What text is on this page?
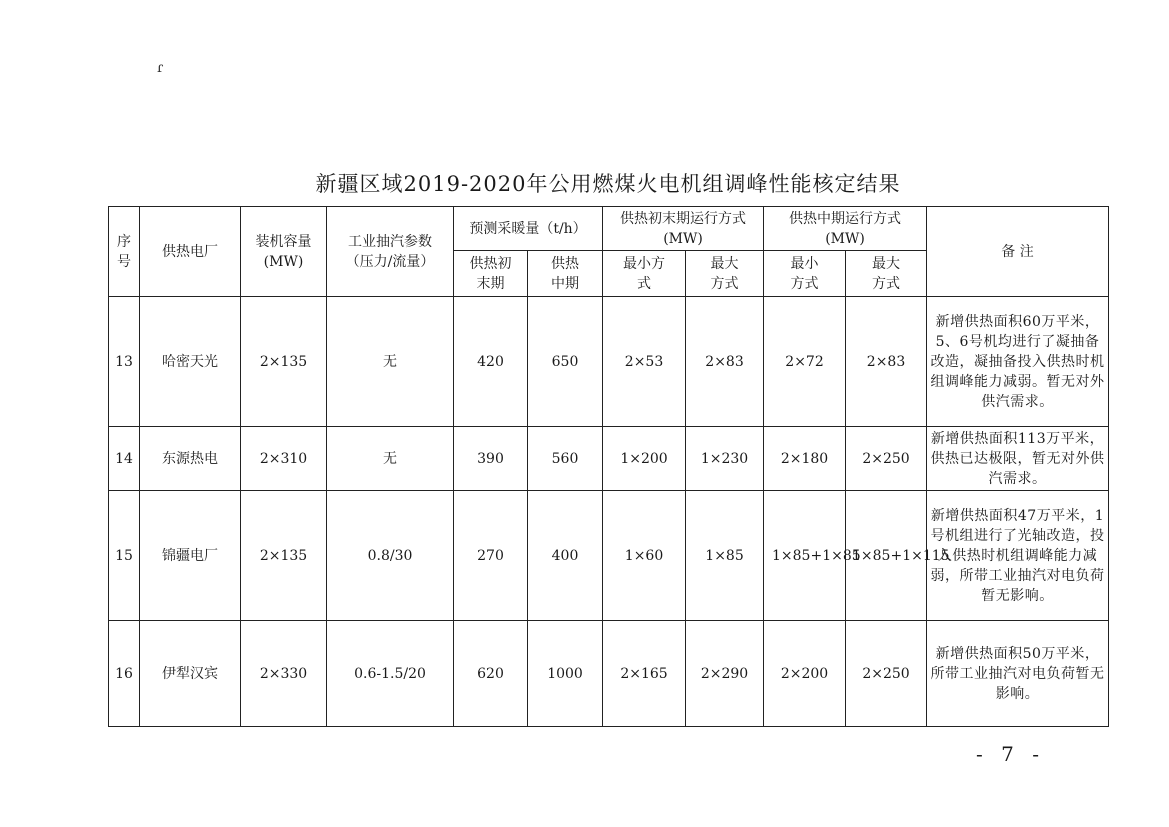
ɾ
新疆区域2019-2020年公用燃煤火电机组调峰性能核定结果
序号	供热电厂	装机容量(MW)	工业抽汽参数（压力/流量）	预测采暖量（t/h）		供热初末期运行方式(MW)		供热中期运行方式(MW)		备 注
				供热初末期	供热中期	最小方式	最大方式	最小方式	最大方式	
13	哈密天光	2×135	无	420	650	2×53	2×83	2×72	2×83	新增供热面积60万平米，5、6号机均进行了凝抽备改造，凝抽备投入供热时机组调峰能力减弱。暂无对外供汽需求。
14	东源热电	2×310	无	390	560	1×200	1×230	2×180	2×250	新增供热面积113万平米，供热已达极限，暂无对外供汽需求。
15	锦疆电厂	2×135	0.8/30	270	400	1×60	1×85	1×85+1×85	1×85+1×115	新增供热面积47万平米，1号机组进行了光轴改造，投入供热时机组调峰能力减弱，所带工业抽汽对电负荷暂无影响。
16	伊犁汉宾	2×330	0.6-1.5/20	620	1000	2×165	2×290	2×200	2×250	新增供热面积50万平米，所带工业抽汽对电负荷暂无影响。
- 7 -
